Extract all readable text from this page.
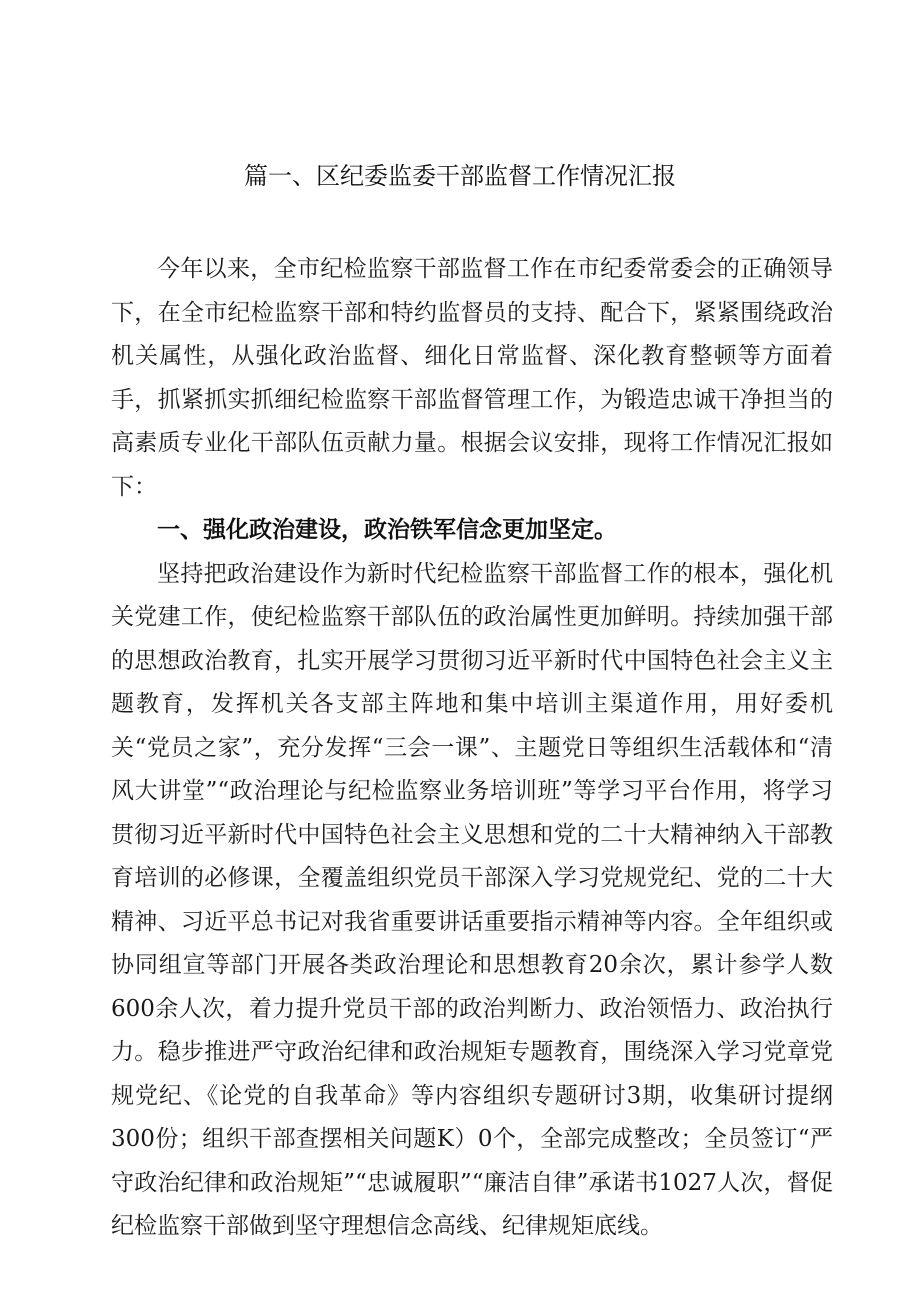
篇一、区纪委监委干部监督工作情况汇报

今年以来，全市纪检监察干部监督工作在市纪委常委会的正确领导下，在全市纪检监察干部和特约监督员的支持、配合下，紧紧围绕政治机关属性，从强化政治监督、细化日常监督、深化教育整顿等方面着手，抓紧抓实抓细纪检监察干部监督管理工作，为锻造忠诚干净担当的高素质专业化干部队伍贡献力量。根据会议安排，现将工作情况汇报如下：

一、强化政治建设，政治铁军信念更加坚定。

坚持把政治建设作为新时代纪检监察干部监督工作的根本，强化机关党建工作，使纪检监察干部队伍的政治属性更加鲜明。持续加强干部的思想政治教育，扎实开展学习贯彻习近平新时代中国特色社会主义主题教育，发挥机关各支部主阵地和集中培训主渠道作用，用好委机关“党员之家”，充分发挥“三会一课”、主题党日等组织生活载体和“清风大讲堂”“政治理论与纪检监察业务培训班”等学习平台作用，将学习贯彻习近平新时代中国特色社会主义思想和党的二十大精神纳入干部教育培训的必修课，全覆盖组织党员干部深入学习党规党纪、党的二十大精神、习近平总书记对我省重要讲话重要指示精神等内容。全年组织或协同组宣等部门开展各类政治理论和思想教育20余次，累计参学人数600余人次，着力提升党员干部的政治判断力、政治领悟力、政治执行力。稳步推进严守政治纪律和政治规矩专题教育，围绕深入学习党章党规党纪、《论党的自我革命》等内容组织专题研讨3期，收集研讨提纲300份；组织干部查摆相关问题K）0个，全部完成整改；全员签订“严守政治纪律和政治规矩”“忠诚履职”“廉洁自律”承诺书1027人次，督促纪检监察干部做到坚守理想信念高线、纪律规矩底线。
